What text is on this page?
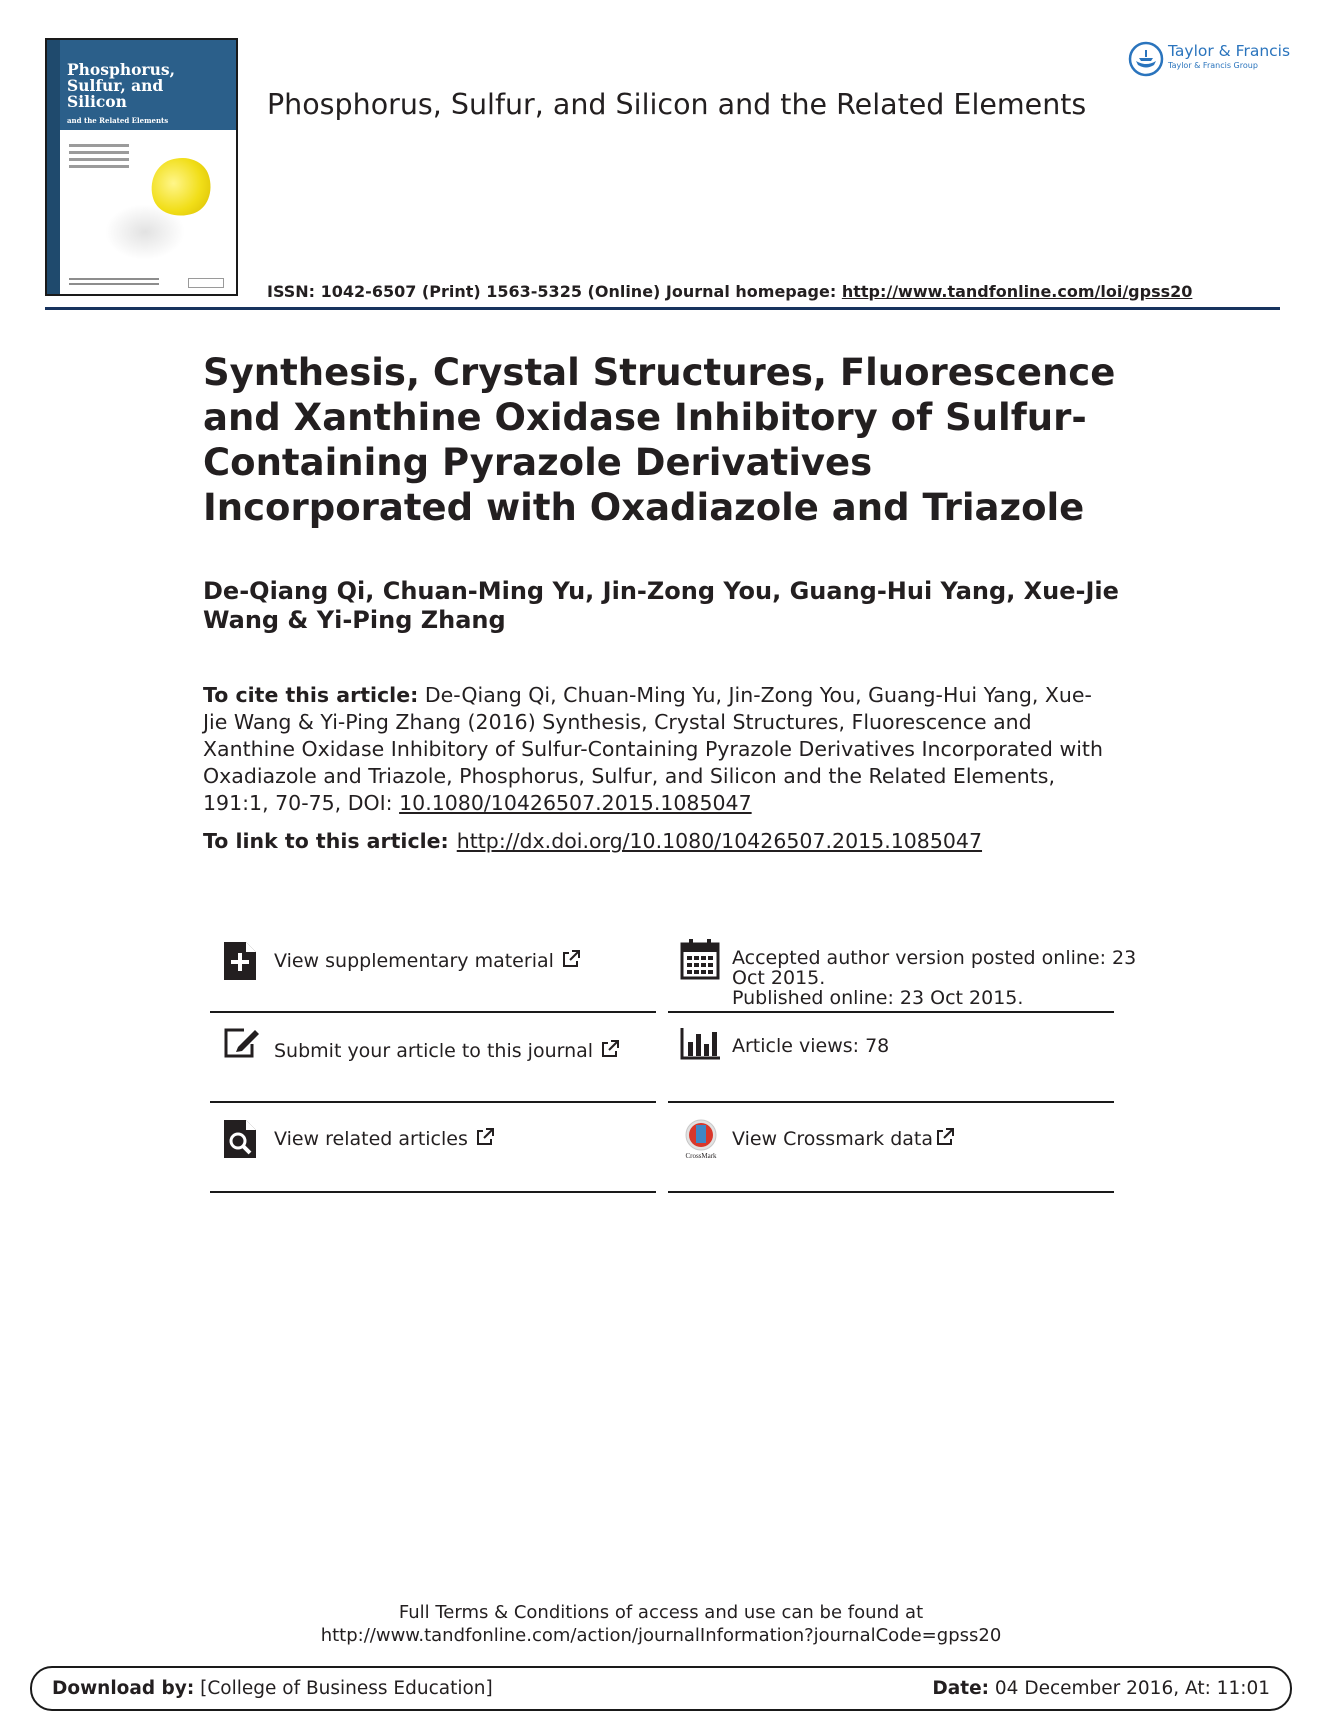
Phosphorus,
Sulfur, and
Silicon
and the Related Elements	Phosphorus, Sulfur, and Silicon and the Related Elements
Taylor & Francis
Taylor & Francis Group
ISSN: 1042-6507 (Print) 1563-5325 (Online) Journal homepage: http://www.tandfonline.com/loi/gpss20
Synthesis, Crystal Structures, Fluorescence and Xanthine Oxidase Inhibitory of Sulfur-Containing Pyrazole Derivatives Incorporated with Oxadiazole and Triazole
De-Qiang Qi, Chuan-Ming Yu, Jin-Zong You, Guang-Hui Yang, Xue-Jie Wang & Yi-Ping Zhang
To cite this article: De-Qiang Qi, Chuan-Ming Yu, Jin-Zong You, Guang-Hui Yang, Xue-Jie Wang & Yi-Ping Zhang (2016) Synthesis, Crystal Structures, Fluorescence and Xanthine Oxidase Inhibitory of Sulfur-Containing Pyrazole Derivatives Incorporated with Oxadiazole and Triazole, Phosphorus, Sulfur, and Silicon and the Related Elements, 191:1, 70-75, DOI: 10.1080/10426507.2015.1085047
To link to this article: http://dx.doi.org/10.1080/10426507.2015.1085047
View supplementary material
Submit your article to this journal
View related articles
Accepted author version posted online: 23
Oct 2015.
Published online: 23 Oct 2015.
Article views: 78
CrossMark
View Crossmark data
Full Terms & Conditions of access and use can be found at
http://www.tandfonline.com/action/journalInformation?journalCode=gpss20
Download by: [College of Business Education]	Date: 04 December 2016, At: 11:01
